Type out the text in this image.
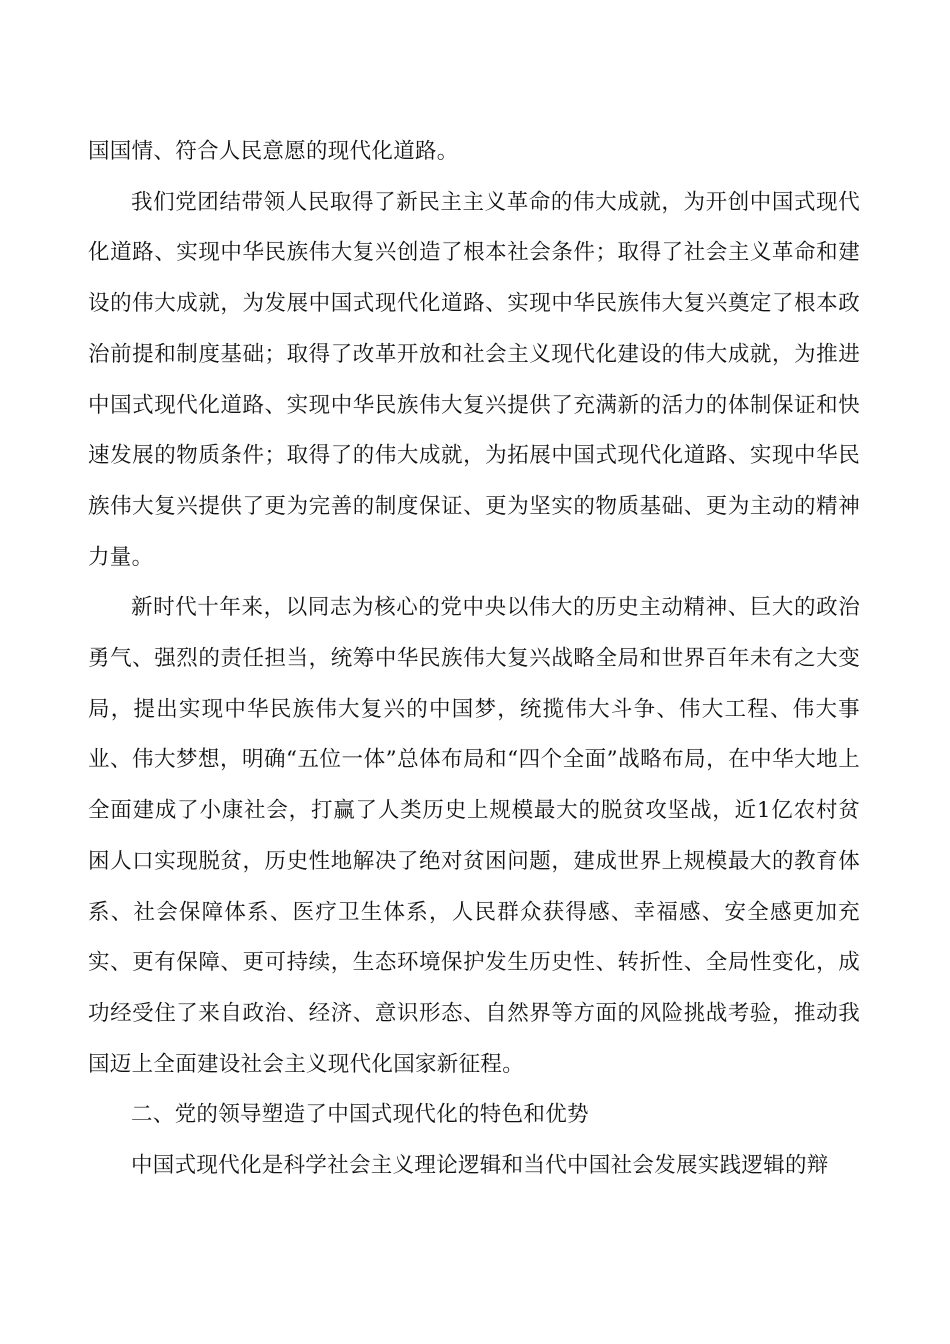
国国情、符合人民意愿的现代化道路。

我们党团结带领人民取得了新民主主义革命的伟大成就，为开创中国式现代化道路、实现中华民族伟大复兴创造了根本社会条件；取得了社会主义革命和建设的伟大成就，为发展中国式现代化道路、实现中华民族伟大复兴奠定了根本政治前提和制度基础；取得了改革开放和社会主义现代化建设的伟大成就，为推进中国式现代化道路、实现中华民族伟大复兴提供了充满新的活力的体制保证和快速发展的物质条件；取得了的伟大成就，为拓展中国式现代化道路、实现中华民族伟大复兴提供了更为完善的制度保证、更为坚实的物质基础、更为主动的精神力量。

新时代十年来，以同志为核心的党中央以伟大的历史主动精神、巨大的政治勇气、强烈的责任担当，统筹中华民族伟大复兴战略全局和世界百年未有之大变局，提出实现中华民族伟大复兴的中国梦，统揽伟大斗争、伟大工程、伟大事业、伟大梦想，明确“五位一体”总体布局和“四个全面”战略布局，在中华大地上全面建成了小康社会，打赢了人类历史上规模最大的脱贫攻坚战，近1亿农村贫困人口实现脱贫，历史性地解决了绝对贫困问题，建成世界上规模最大的教育体系、社会保障体系、医疗卫生体系，人民群众获得感、幸福感、安全感更加充实、更有保障、更可持续，生态环境保护发生历史性、转折性、全局性变化，成功经受住了来自政治、经济、意识形态、自然界等方面的风险挑战考验，推动我国迈上全面建设社会主义现代化国家新征程。

二、党的领导塑造了中国式现代化的特色和优势

中国式现代化是科学社会主义理论逻辑和当代中国社会发展实践逻辑的辩
